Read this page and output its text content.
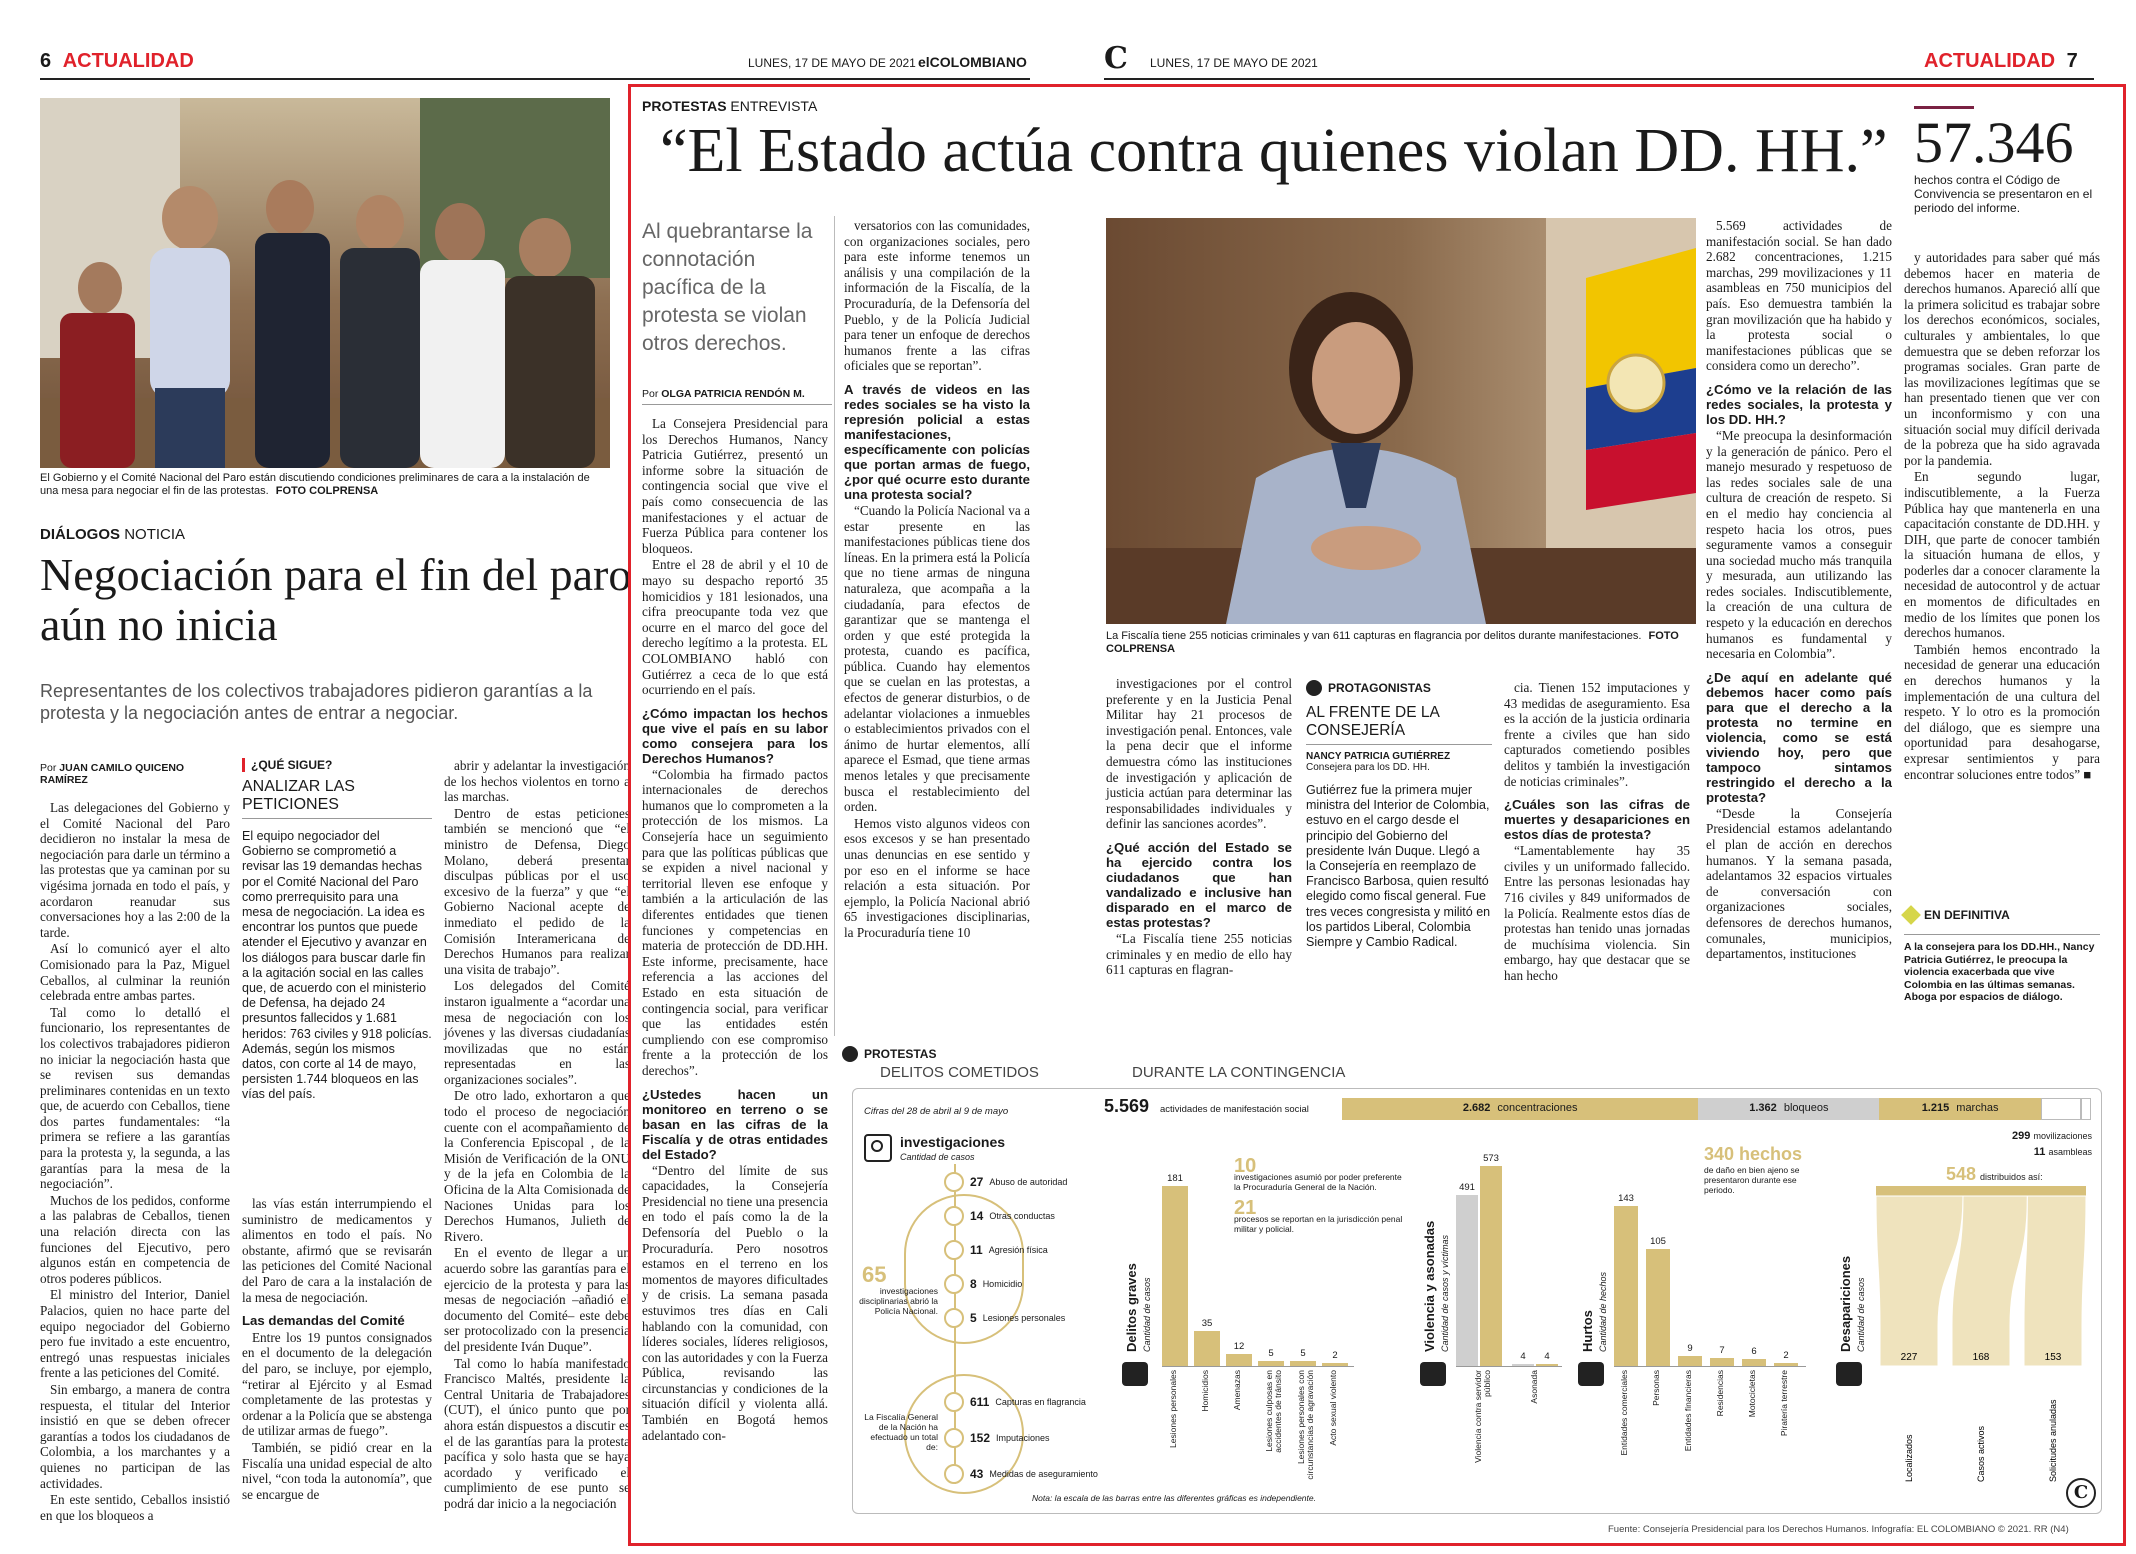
6 ACTUALIDAD	LUNES, 17 DE MAYO DE 2021 elCOLOMBIANO
El Gobierno y el Comité Nacional del Paro están discutiendo condiciones preliminares de cara a la instalación de una mesa para negociar el fin de las protestas. FOTO COLPRENSA
DIÁLOGOS NOTICIA
Negociación para el fin del paro aún no inicia
Representantes de los colectivos trabajadores pidieron garantías a la protesta y la negociación antes de entrar a negociar.
Por JUAN CAMILO QUICENO RAMÍREZ

Las delegaciones del Gobierno y el Comité Nacional del Paro decidieron no instalar la mesa de negociación para darle un término a las protestas que ya caminan por su vigésima jornada en todo el país, y acordaron reanudar sus conversaciones hoy a las 2:00 de la tarde.

Así lo comunicó ayer el alto Comisionado para la Paz, Miguel Ceballos, al culminar la reunión celebrada entre ambas partes.

Tal como lo detalló el funcionario, los representantes de los colectivos trabajadores pidieron no iniciar la negociación hasta que se revisen sus demandas preliminares contenidas en un texto que, de acuerdo con Ceballos, tiene dos partes fundamentales: “la primera se refiere a las garantías para la protesta y, la segunda, a las garantías para la mesa de la negociación”.

Muchos de los pedidos, conforme a las palabras de Ceballos, tienen una relación directa con las funciones del Ejecutivo, pero algunos están en competencia de otros poderes públicos.

El ministro del Interior, Daniel Palacios, quien no hace parte del equipo negociador del Gobierno pero fue invitado a este encuentro, entregó unas respuestas iniciales frente a las peticiones del Comité.

Sin embargo, a manera de contra respuesta, el titular del Interior insistió en que se deben ofrecer garantías a todos los ciudadanos de Colombia, a los marchantes y a quienes no participan de las actividades.

En este sentido, Ceballos insistió en que los bloqueos a

¿QUÉ SIGUE?
ANALIZAR LAS PETICIONES
El equipo negociador del Gobierno se comprometió a revisar las 19 demandas hechas por el Comité Nacional del Paro como prerrequisito para una mesa de negociación. La idea es encontrar los puntos que puede atender el Ejecutivo y avanzar en los diálogos para buscar darle fin a la agitación social en las calles que, de acuerdo con el ministerio de Defensa, ha dejado 24 presuntos fallecidos y 1.681 heridos: 763 civiles y 918 policías. Además, según los mismos datos, con corte al 14 de mayo, persisten 1.744 bloqueos en las vías del país.

las vías están interrumpiendo el suministro de medicamentos y alimentos en todo el país. No obstante, afirmó que se revisarán las peticiones del Comité Nacional del Paro de cara a la instalación de la mesa de negociación.

Las demandas del Comité

Entre los 19 puntos consignados en el documento de la delegación del paro, se incluye, por ejemplo, “retirar al Ejército y al Esmad completamente de las protestas y ordenar a la Policía que se abstenga de utilizar armas de fuego”.

También, se pidió crear en la Fiscalía una unidad especial de alto nivel, “con toda la autonomía”, que se encargue de

abrir y adelantar la investigación de los hechos violentos en torno a las marchas.

Dentro de estas peticiones también se mencionó que “el ministro de Defensa, Diego Molano, deberá presentar disculpas públicas por el uso excesivo de la fuerza” y que “el Gobierno Nacional acepte de inmediato el pedido de la Comisión Interamericana de Derechos Humanos para realizar una visita de trabajo”.

Los delegados del Comité instaron igualmente a “acordar una mesa de negociación con los jóvenes y las diversas ciudadanías movilizadas que no están representadas en las organizaciones sociales”.

De otro lado, exhortaron a que todo el proceso de negociación cuente con el acompañamiento de la Conferencia Episcopal , de la Misión de Verificación de la ONU y de la jefa en Colombia de la Oficina de la Alta Comisionada de Naciones Unidas para los Derechos Humanos, Julieth de Rivero.

En el evento de llegar a un acuerdo sobre las garantías para el ejercicio de la protesta y para las mesas de negociación –añadió el documento del Comité– este debe ser protocolizado con la presencia del presidente Iván Duque”.

Tal como lo había manifestado Francisco Maltés, presidente la Central Unitaria de Trabajadores (CUT), el único punto que por ahora están dispuestos a discutir es el de las garantías para la protesta pacífica y solo hasta que se haya acordado y verificado el cumplimiento de ese punto se podrá dar inicio a la negociación

C	LUNES, 17 DE MAYO DE 2021	ACTUALIDAD 7
PROTESTAS ENTREVISTA
“El Estado actúa contra quienes violan DD. HH.” 57.346
hechos contra el Código de Convivencia se presentaron en el periodo del informe.
Al quebrantarse la connotación pacífica de la protesta se violan otros derechos.
Por OLGA PATRICIA RENDÓN M.

La Consejera Presidencial para los Derechos Humanos, Nancy Patricia Gutiérrez, presentó un informe sobre la situación de contingencia social que vive el país como consecuencia de las manifestaciones y el actuar de Fuerza Pública para contener los bloqueos.

Entre el 28 de abril y el 10 de mayo su despacho reportó 35 homicidios y 181 lesionados, una cifra preocupante toda vez que ocurre en el marco del goce del derecho legítimo a la protesta. EL COLOMBIANO habló con Gutiérrez a ceca de lo que está ocurriendo en el país.

¿Cómo impactan los hechos que vive el país en su labor como consejera para los Derechos Humanos?

“Colombia ha firmado pactos internacionales de derechos humanos que lo comprometen a la protección de los mismos. La Consejería hace un seguimiento para que las políticas públicas que se expiden a nivel nacional y territorial lleven ese enfoque y también a la articulación de las diferentes entidades que tienen funciones y competencias en materia de protección de DD.HH. Este informe, precisamente, hace referencia a las acciones del Estado en esta situación de contingencia social, para verificar que las entidades estén cumpliendo con ese compromiso frente a la protección de los derechos”.

¿Ustedes hacen un monitoreo en terreno o se basan en las cifras de la Fiscalía y de otras entidades del Estado?

“Dentro del límite de sus capacidades, la Consejería Presidencial no tiene una presencia en todo el país como la de la Defensoría del Pueblo o la Procuraduría. Pero nosotros estamos en el terreno en los momentos de mayores dificultades y de crisis. La semana pasada estuvimos tres días en Cali hablando con la comunidad, con líderes sociales, líderes religiosos, con las autoridades y con la Fuerza Pública, revisando las circunstancias y condiciones de la situación difícil y violenta allá. También en Bogotá hemos adelantado con-

versatorios con las comunidades, con organizaciones sociales, pero para este informe tenemos un análisis y una compilación de la información de la Fiscalía, de la Procuraduría, de la Defensoría del Pueblo, y de la Policía Judicial para tener un enfoque de derechos humanos frente a las cifras oficiales que se reportan”.

A través de videos en las redes sociales se ha visto la represión policial a estas manifestaciones, específicamente con policías que portan armas de fuego, ¿por qué ocurre esto durante una protesta social?

“Cuando la Policía Nacional va a estar presente en las manifestaciones públicas tiene dos líneas. En la primera está la Policía que no tiene armas de ninguna naturaleza, que acompaña a la ciudadanía, para efectos de garantizar que se mantenga el orden y que esté protegida la protesta, cuando es pacífica, pública. Cuando hay elementos que se cuelan en las protestas, a efectos de generar disturbios, o de adelantar violaciones a inmuebles o establecimientos privados con el ánimo de hurtar elementos, allí aparece el Esmad, que tiene armas menos letales y que precisamente busca el restablecimiento del orden.

Hemos visto algunos videos con esos excesos y se han presentado unas denuncias en ese sentido y por eso en el informe se hace relación a esta situación. Por ejemplo, la Policía Nacional abrió 65 investigaciones disciplinarias, la Procuraduría tiene 10

La Fiscalía tiene 255 noticias criminales y van 611 capturas en flagrancia por delitos durante manifestaciones. FOTO COLPRENSA

investigaciones por el control preferente y en la Justicia Penal Militar hay 21 procesos de investigación penal. Entonces, vale la pena decir que el informe demuestra cómo las instituciones de investigación y aplicación de justicia actúan para determinar las responsabilidades individuales y definir las sanciones acordes”.

¿Qué acción del Estado se ha ejercido contra los ciudadanos que han vandalizado e inclusive han disparado en el marco de estas protestas?

“La Fiscalía tiene 255 noticias criminales y en medio de ello hay 611 capturas en flagran-

PROTAGONISTAS
AL FRENTE DE LA CONSEJERÍA
NANCY PATRICIA GUTIÉRREZ
Consejera para los DD. HH.
Gutiérrez fue la primera mujer ministra del Interior de Colombia, estuvo en el cargo desde el principio del Gobierno del presidente Iván Duque. Llegó a la Consejería en reemplazo de Francisco Barbosa, quien resultó elegido como fiscal general. Fue tres veces congresista y militó en los partidos Liberal, Colombia Siempre y Cambio Radical.

cia. Tienen 152 imputaciones y 43 medidas de aseguramiento. Esa es la acción de la justicia ordinaria frente a civiles que han sido capturados cometiendo posibles delitos y también la investigación de noticias criminales”.

¿Cuáles son las cifras de muertes y desapariciones en estos días de protesta?

“Lamentablemente hay 35 civiles y un uniformado fallecido. Entre las personas lesionadas hay 716 civiles y 849 uniformados de la Policía. Realmente estos días de protestas han tenido unas jornadas de muchísima violencia. Sin embargo, hay que destacar que se han hecho

5.569 actividades de manifestación social. Se han dado 2.682 concentraciones, 1.215 marchas, 299 movilizaciones y 11 asambleas en 750 municipios del país. Eso demuestra también la gran movilización que ha habido y la protesta social o manifestaciones públicas que se considera como un derecho”.

¿Cómo ve la relación de las redes sociales, la protesta y los DD. HH.?

“Me preocupa la desinformación y la generación de pánico. Pero el manejo mesurado y respetuoso de las redes sociales sale de una cultura de creación de respeto. Si en el medio hay conciencia al respeto hacia los otros, pues seguramente vamos a conseguir una sociedad mucho más tranquila y mesurada, aun utilizando las redes sociales. Indiscutiblemente, la creación de una cultura de respeto y la educación en derechos humanos es fundamental y necesaria en Colombia”.

¿De aquí en adelante qué debemos hacer como país para que el derecho a la protesta no termine en violencia, como se está viviendo hoy, pero que tampoco sintamos restringido el derecho a la protesta?

“Desde la Consejería Presidencial estamos adelantando el plan de acción en derechos humanos. Y la semana pasada, adelantamos 32 espacios virtuales de conversación con organizaciones sociales, defensores de derechos humanos, comunales, municipios, departamentos, instituciones

y autoridades para saber qué más debemos hacer en materia de derechos humanos. Apareció allí que la primera solicitud es trabajar sobre los derechos económicos, sociales, culturales y ambientales, lo que demuestra que se deben reforzar los programas sociales. Gran parte de las movilizaciones legítimas que se han presentado tienen que ver con un inconformismo y con una situación social muy difícil derivada de la pobreza que ha sido agravada por la pandemia.

En segundo lugar, indiscutiblemente, a la Fuerza Pública hay que mantenerla en una capacitación constante de DD.HH. y DIH, que parte de conocer también la situación humana de ellos, y poderles dar a conocer claramente la necesidad de autocontrol y de actuar en momentos de dificultades en medio de los límites que ponen los derechos humanos.

También hemos encontrado la necesidad de generar una educación en derechos humanos y la implementación de una cultura del respeto. Y lo otro es la promoción del diálogo, que es siempre una oportunidad para desahogarse, expresar sentimientos y para encontrar soluciones entre todos” ■

EN DEFINITIVA
A la consejera para los DD.HH., Nancy Patricia Gutiérrez, le preocupa la violencia exacerbada que vive Colombia en las últimas semanas. Aboga por espacios de diálogo.
PROTESTAS
DELITOS COMETIDOS	DURANTE LA CONTINGENCIA
Cifras del 28 de abril al 9 de mayo	5.569 actividades de manifestación social	2.682 concentraciones	1.362 bloqueos	1.215 marchas
299 movilizaciones
11 asambleas
investigaciones
Cantidad de casos
65
investigaciones disciplinarias abrió la Policía Nacional.
27 Abuso de autoridad
14 Otras conductas
11 Agresión física
8 Homicidio
5 Lesiones personales
La Fiscalía General de la Nación ha efectuado un total de:
611 Capturas en flagrancia
152 Imputaciones
43 Medidas de aseguramiento
Delitos graves Cantidad de casos
10
investigaciones asumió por poder preferente la Procuraduría General de la Nación.
21
procesos se reportan en la jurisdicción penal militar y policial.
181
Lesiones personales
35
Homicidios
12
Amenazas
5
Lesiones culposas en accidentes de tránsito
5
Lesiones personales con circunstancias de agravación
2
Acto sexual violento
Violencia y asonadas Cantidad de casos y víctimas
491
573
Violencia contra servidor público
4	4
Asonada
Hurtos Cantidad de hechos
340 hechos
de daño en bien ajeno se presentaron durante ese periodo.
143
Entidades comerciales
105
Personas
9
Entidades financieras
7
Residencias
6
Motocicletas
2
Piratería terrestre
Desapariciones Cantidad de casos
548 distribuidos así:
227
Localizados
168
Casos activos
153
Solicitudes anuladas
Nota: la escala de las barras entre las diferentes gráficas es independiente.	C
Fuente: Consejería Presidencial para los Derechos Humanos. Infografía: EL COLOMBIANO © 2021. RR (N4)
